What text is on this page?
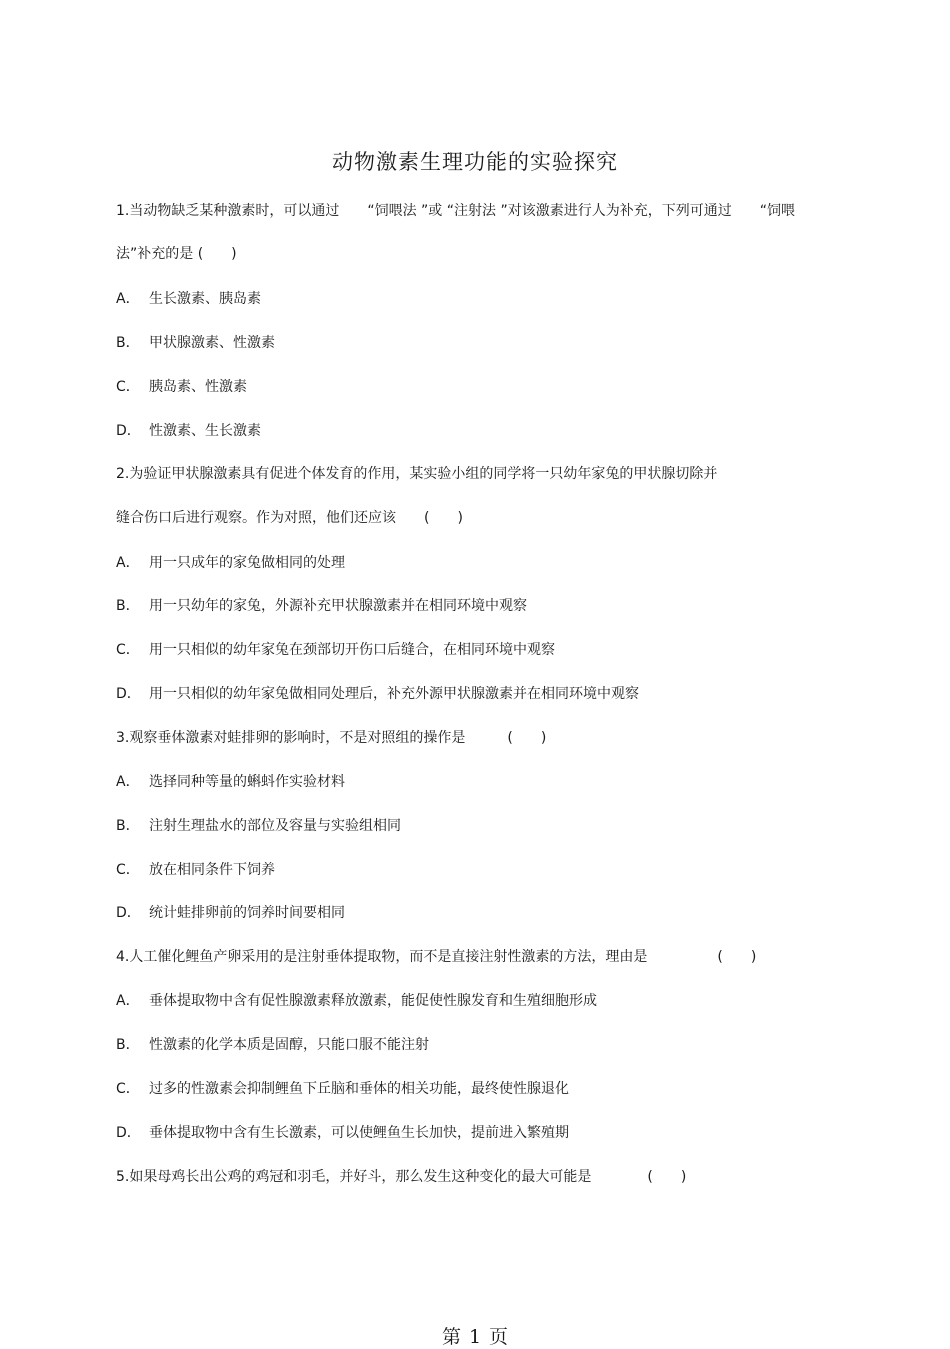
动物激素生理功能的实验探究
1.当动物缺乏某种激素时，可以通过　　“饲喂法 ”或 “注射法 ”对该激素进行人为补充，下列可通过　　“饲喂
法”补充的是 (　　)
A． 生长激素、胰岛素
B． 甲状腺激素、性激素
C． 胰岛素、性激素
D． 性激素、生长激素
2.为验证甲状腺激素具有促进个体发育的作用，某实验小组的同学将一只幼年家兔的甲状腺切除并
缝合伤口后进行观察。作为对照，他们还应该　　(　　)
A． 用一只成年的家兔做相同的处理
B． 用一只幼年的家兔，外源补充甲状腺激素并在相同环境中观察
C． 用一只相似的幼年家兔在颈部切开伤口后缝合，在相同环境中观察
D． 用一只相似的幼年家兔做相同处理后，补充外源甲状腺激素并在相同环境中观察
3.观察垂体激素对蛙排卵的影响时，不是对照组的操作是　　　(　　)
A． 选择同种等量的蝌蚪作实验材料
B． 注射生理盐水的部位及容量与实验组相同
C． 放在相同条件下饲养
D． 统计蛙排卵前的饲养时间要相同
4.人工催化鲤鱼产卵采用的是注射垂体提取物，而不是直接注射性激素的方法，理由是　　　　　(　　)
A． 垂体提取物中含有促性腺激素释放激素，能促使性腺发育和生殖细胞形成
B． 性激素的化学本质是固醇，只能口服不能注射
C． 过多的性激素会抑制鲤鱼下丘脑和垂体的相关功能，最终使性腺退化
D． 垂体提取物中含有生长激素，可以使鲤鱼生长加快，提前进入繁殖期
5.如果母鸡长出公鸡的鸡冠和羽毛，并好斗，那么发生这种变化的最大可能是　　　　(　　)
第 1 页
